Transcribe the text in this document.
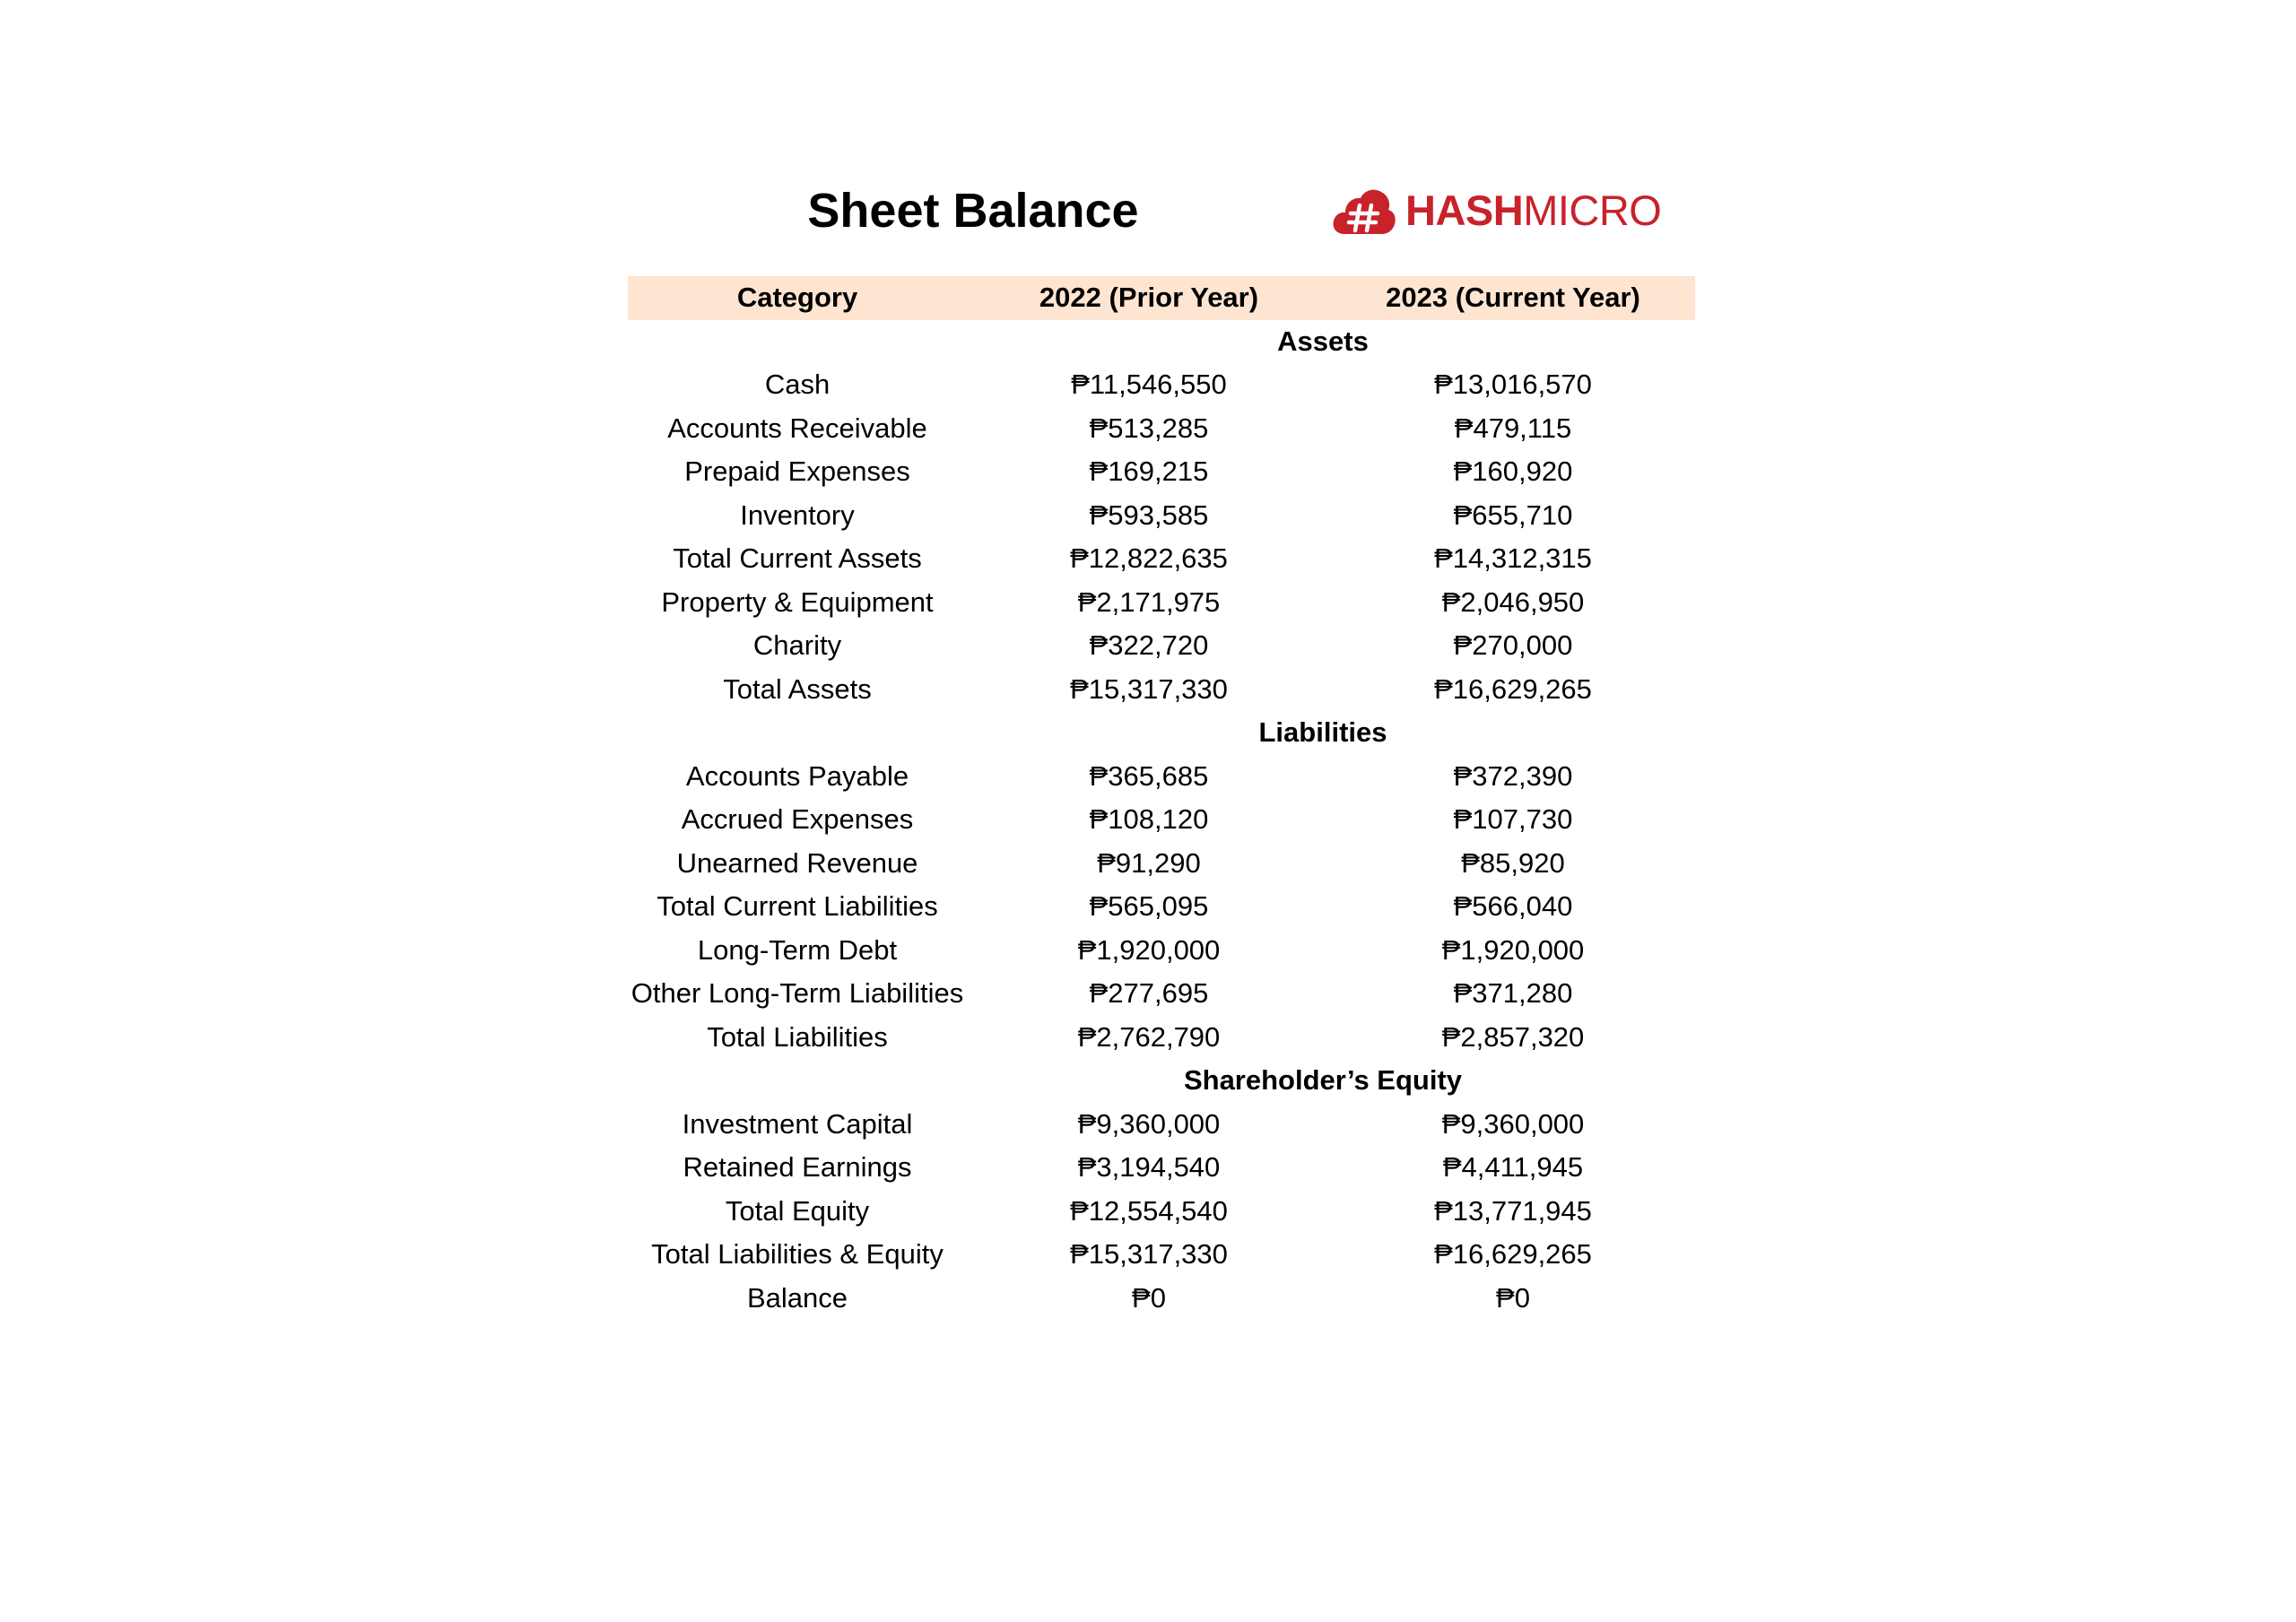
Sheet Balance	HASHMICRO
Category	2022 (Prior Year)	2023 (Current Year)
Assets		
Cash	₱11,546,550	₱13,016,570
Accounts Receivable	₱513,285	₱479,115
Prepaid Expenses	₱169,215	₱160,920
Inventory	₱593,585	₱655,710
Total Current Assets	₱12,822,635	₱14,312,315
Property & Equipment	₱2,171,975	₱2,046,950
Charity	₱322,720	₱270,000
Total Assets	₱15,317,330	₱16,629,265
Liabilities		
Accounts Payable	₱365,685	₱372,390
Accrued Expenses	₱108,120	₱107,730
Unearned Revenue	₱91,290	₱85,920
Total Current Liabilities	₱565,095	₱566,040
Long-Term Debt	₱1,920,000	₱1,920,000
Other Long-Term Liabilities	₱277,695	₱371,280
Total Liabilities	₱2,762,790	₱2,857,320
Shareholder’s Equity		
Investment Capital	₱9,360,000	₱9,360,000
Retained Earnings	₱3,194,540	₱4,411,945
Total Equity	₱12,554,540	₱13,771,945
Total Liabilities & Equity	₱15,317,330	₱16,629,265
Balance	₱0	₱0
